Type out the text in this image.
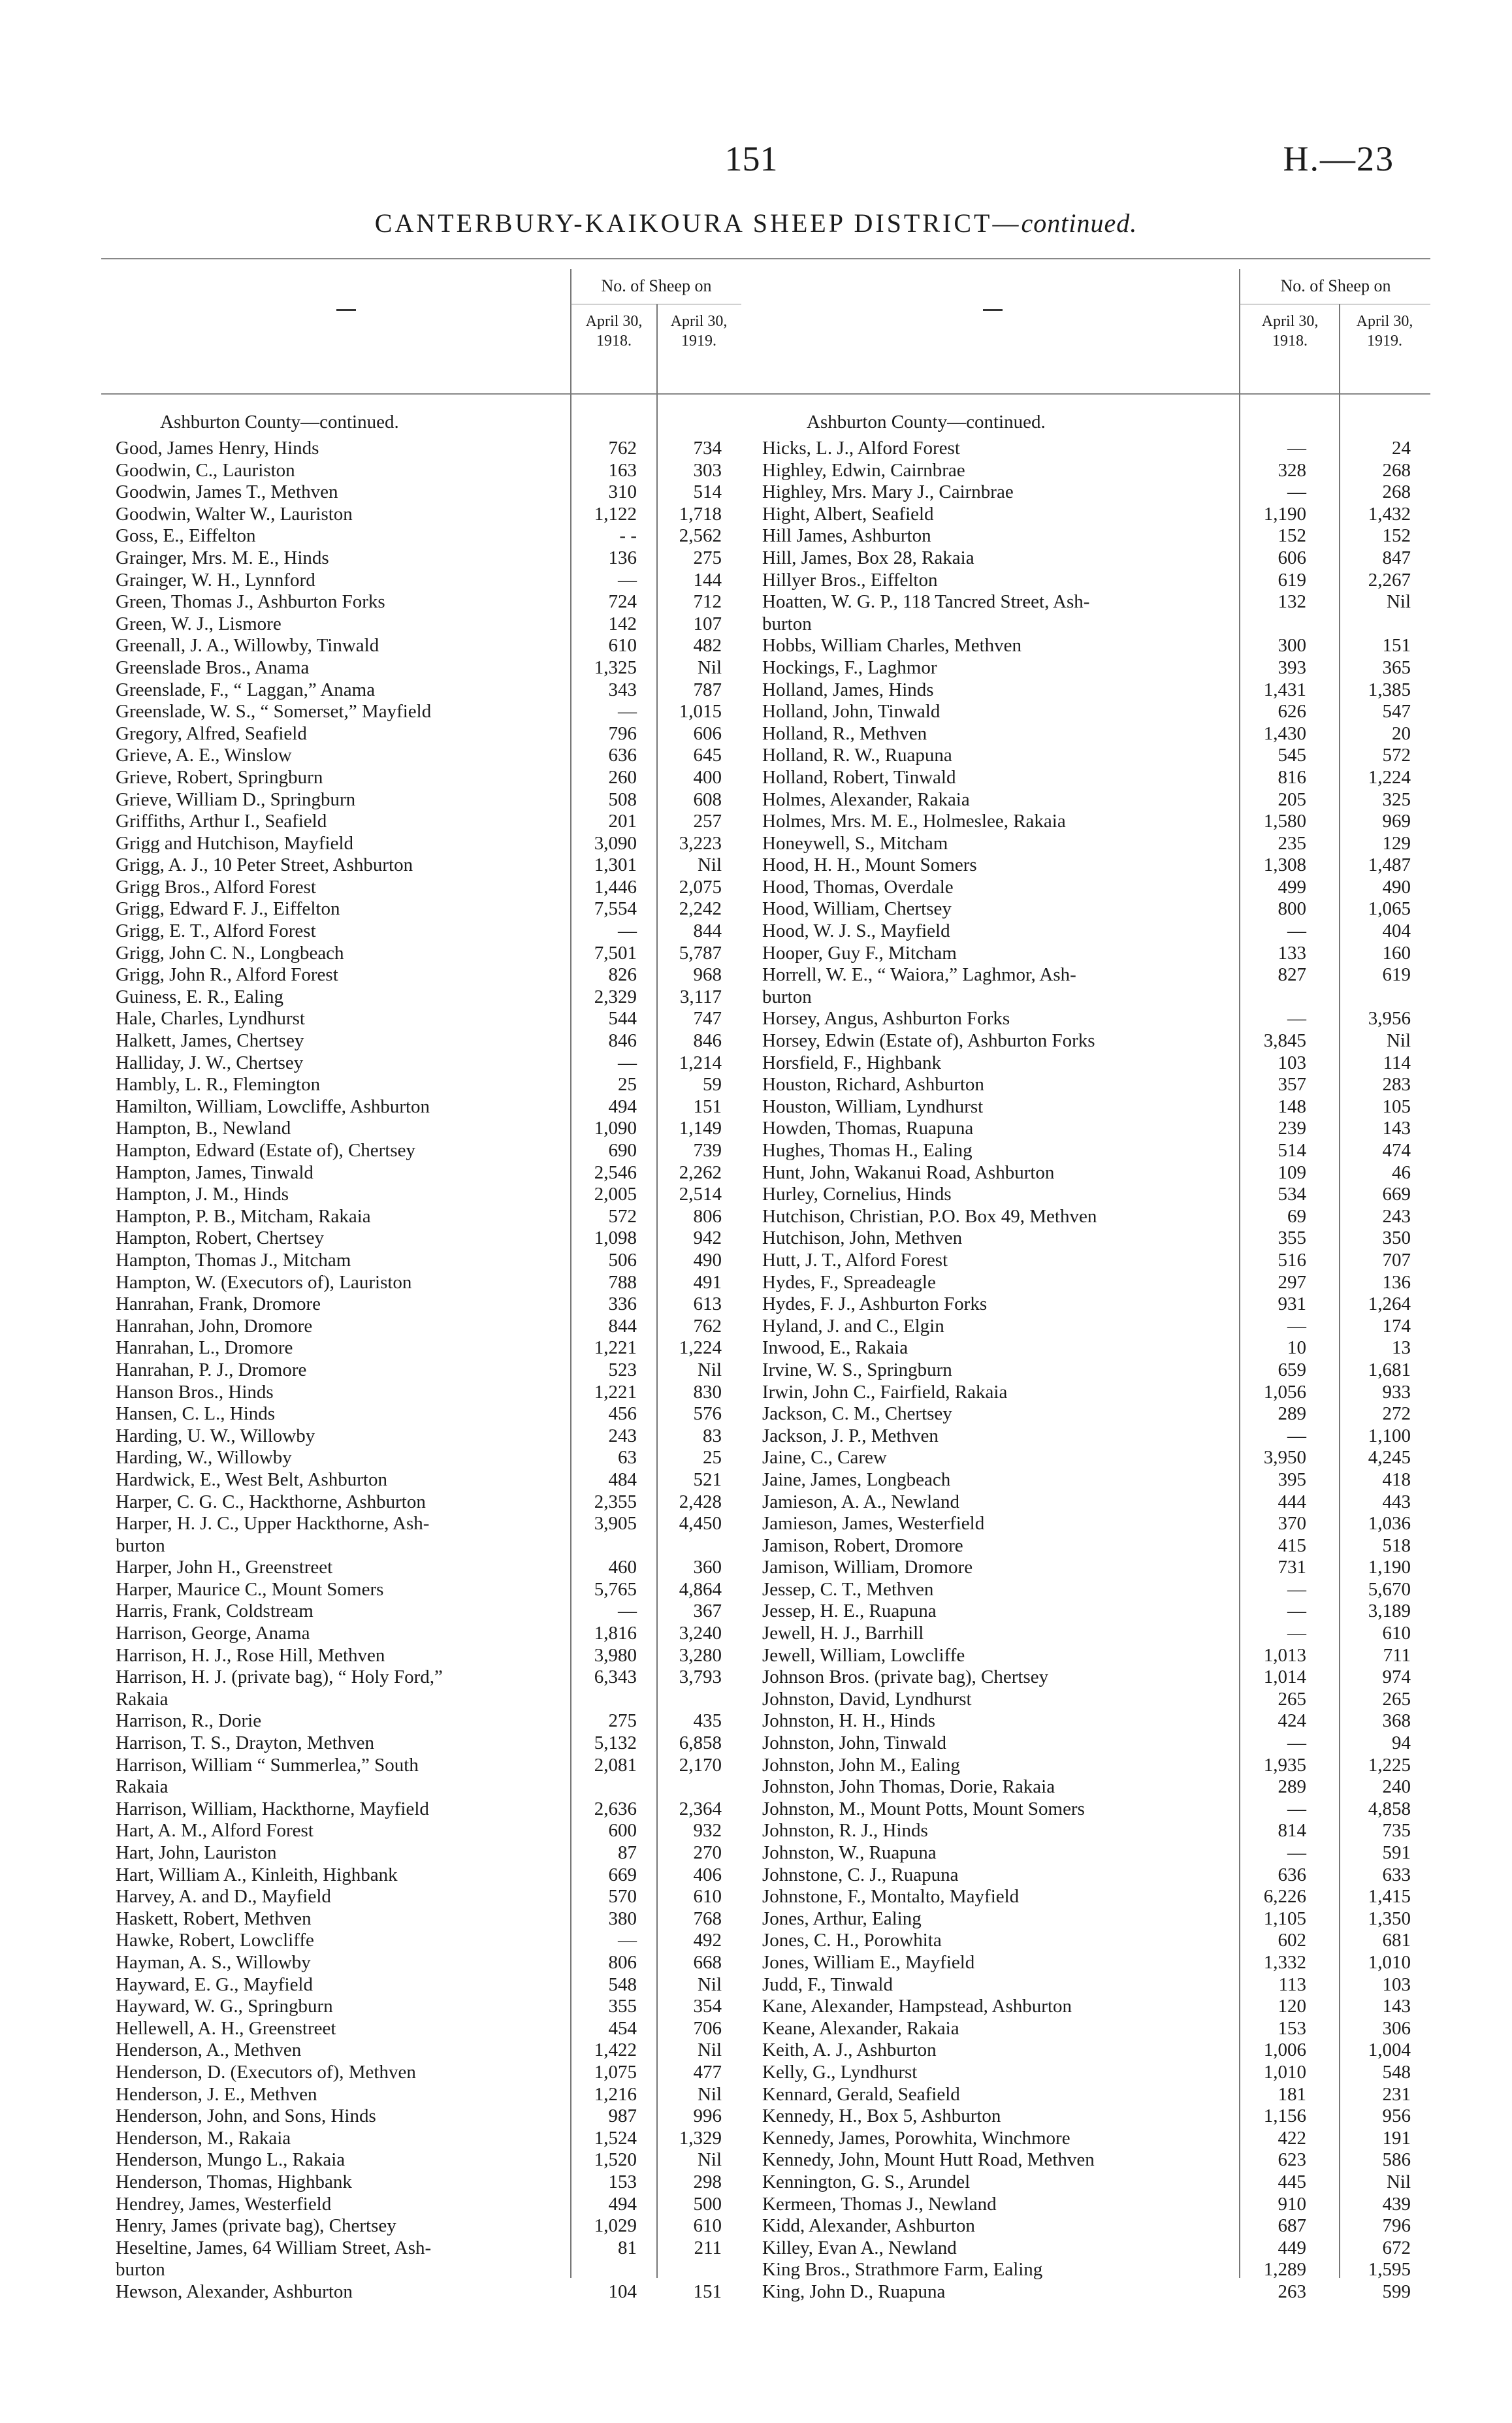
151	H.—23
CANTERBURY-KAIKOURA SHEEP DISTRICT—continued.
No. of Sheep on
April 30, 1918.
April 30, 1919.
Ashburton County—continued.
Good, James Henry, Hinds	762	734
Goodwin, C., Lauriston	163	303
Goodwin, James T., Methven	310	514
Goodwin, Walter W., Lauriston	1,122	1,718
Goss, E., Eiffelton	- -	2,562
Grainger, Mrs. M. E., Hinds	136	275
Grainger, W. H., Lynnford	—	144
Green, Thomas J., Ashburton Forks	724	712
Green, W. J., Lismore	142	107
Greenall, J. A., Willowby, Tinwald	610	482
Greenslade Bros., Anama	1,325	Nil
Greenslade, F., “ Laggan,” Anama	343	787
Greenslade, W. S., “ Somerset,” Mayfield	—	1,015
Gregory, Alfred, Seafield	796	606
Grieve, A. E., Winslow	636	645
Grieve, Robert, Springburn	260	400
Grieve, William D., Springburn	508	608
Griffiths, Arthur I., Seafield	201	257
Grigg and Hutchison, Mayfield	3,090	3,223
Grigg, A. J., 10 Peter Street, Ashburton	1,301	Nil
Grigg Bros., Alford Forest	1,446	2,075
Grigg, Edward F. J., Eiffelton	7,554	2,242
Grigg, E. T., Alford Forest	—	844
Grigg, John C. N., Longbeach	7,501	5,787
Grigg, John R., Alford Forest	826	968
Guiness, E. R., Ealing	2,329	3,117
Hale, Charles, Lyndhurst	544	747
Halkett, James, Chertsey	846	846
Halliday, J. W., Chertsey	—	1,214
Hambly, L. R., Flemington	25	59
Hamilton, William, Lowcliffe, Ashburton	494	151
Hampton, B., Newland	1,090	1,149
Hampton, Edward (Estate of), Chertsey	690	739
Hampton, James, Tinwald	2,546	2,262
Hampton, J. M., Hinds	2,005	2,514
Hampton, P. B., Mitcham, Rakaia	572	806
Hampton, Robert, Chertsey	1,098	942
Hampton, Thomas J., Mitcham	506	490
Hampton, W. (Executors of), Lauriston	788	491
Hanrahan, Frank, Dromore	336	613
Hanrahan, John, Dromore	844	762
Hanrahan, L., Dromore	1,221	1,224
Hanrahan, P. J., Dromore	523	Nil
Hanson Bros., Hinds	1,221	830
Hansen, C. L., Hinds	456	576
Harding, U. W., Willowby	243	83
Harding, W., Willowby	63	25
Hardwick, E., West Belt, Ashburton	484	521
Harper, C. G. C., Hackthorne, Ashburton	2,355	2,428
Harper, H. J. C., Upper Hackthorne, Ash-	3,905	4,450
burton
Harper, John H., Greenstreet	460	360
Harper, Maurice C., Mount Somers	5,765	4,864
Harris, Frank, Coldstream	—	367
Harrison, George, Anama	1,816	3,240
Harrison, H. J., Rose Hill, Methven	3,980	3,280
Harrison, H. J. (private bag), “ Holy Ford,”	6,343	3,793
Rakaia
Harrison, R., Dorie	275	435
Harrison, T. S., Drayton, Methven	5,132	6,858
Harrison, William “ Summerlea,” South	2,081	2,170
Rakaia
Harrison, William, Hackthorne, Mayfield	2,636	2,364
Hart, A. M., Alford Forest	600	932
Hart, John, Lauriston	87	270
Hart, William A., Kinleith, Highbank	669	406
Harvey, A. and D., Mayfield	570	610
Haskett, Robert, Methven	380	768
Hawke, Robert, Lowcliffe	—	492
Hayman, A. S., Willowby	806	668
Hayward, E. G., Mayfield	548	Nil
Hayward, W. G., Springburn	355	354
Hellewell, A. H., Greenstreet	454	706
Henderson, A., Methven	1,422	Nil
Henderson, D. (Executors of), Methven	1,075	477
Henderson, J. E., Methven	1,216	Nil
Henderson, John, and Sons, Hinds	987	996
Henderson, M., Rakaia	1,524	1,329
Henderson, Mungo L., Rakaia	1,520	Nil
Henderson, Thomas, Highbank	153	298
Hendrey, James, Westerfield	494	500
Henry, James (private bag), Chertsey	1,029	610
Heseltine, James, 64 William Street, Ash-	81	211
burton
Hewson, Alexander, Ashburton	104	151
No. of Sheep on
April 30, 1918.
April 30, 1919.
Ashburton County—continued.
Hicks, L. J., Alford Forest	—	24
Highley, Edwin, Cairnbrae	328	268
Highley, Mrs. Mary J., Cairnbrae	—	268
Hight, Albert, Seafield	1,190	1,432
Hill James, Ashburton	152	152
Hill, James, Box 28, Rakaia	606	847
Hillyer Bros., Eiffelton	619	2,267
Hoatten, W. G. P., 118 Tancred Street, Ash-	132	Nil
burton
Hobbs, William Charles, Methven	300	151
Hockings, F., Laghmor	393	365
Holland, James, Hinds	1,431	1,385
Holland, John, Tinwald	626	547
Holland, R., Methven	1,430	20
Holland, R. W., Ruapuna	545	572
Holland, Robert, Tinwald	816	1,224
Holmes, Alexander, Rakaia	205	325
Holmes, Mrs. M. E., Holmeslee, Rakaia	1,580	969
Honeywell, S., Mitcham	235	129
Hood, H. H., Mount Somers	1,308	1,487
Hood, Thomas, Overdale	499	490
Hood, William, Chertsey	800	1,065
Hood, W. J. S., Mayfield	—	404
Hooper, Guy F., Mitcham	133	160
Horrell, W. E., “ Waiora,” Laghmor, Ash-	827	619
burton
Horsey, Angus, Ashburton Forks	—	3,956
Horsey, Edwin (Estate of), Ashburton Forks	3,845	Nil
Horsfield, F., Highbank	103	114
Houston, Richard, Ashburton	357	283
Houston, William, Lyndhurst	148	105
Howden, Thomas, Ruapuna	239	143
Hughes, Thomas H., Ealing	514	474
Hunt, John, Wakanui Road, Ashburton	109	46
Hurley, Cornelius, Hinds	534	669
Hutchison, Christian, P.O. Box 49, Methven	69	243
Hutchison, John, Methven	355	350
Hutt, J. T., Alford Forest	516	707
Hydes, F., Spreadeagle	297	136
Hydes, F. J., Ashburton Forks	931	1,264
Hyland, J. and C., Elgin	—	174
Inwood, E., Rakaia	10	13
Irvine, W. S., Springburn	659	1,681
Irwin, John C., Fairfield, Rakaia	1,056	933
Jackson, C. M., Chertsey	289	272
Jackson, J. P., Methven	—	1,100
Jaine, C., Carew	3,950	4,245
Jaine, James, Longbeach	395	418
Jamieson, A. A., Newland	444	443
Jamieson, James, Westerfield	370	1,036
Jamison, Robert, Dromore	415	518
Jamison, William, Dromore	731	1,190
Jessep, C. T., Methven	—	5,670
Jessep, H. E., Ruapuna	—	3,189
Jewell, H. J., Barrhill	—	610
Jewell, William, Lowcliffe	1,013	711
Johnson Bros. (private bag), Chertsey	1,014	974
Johnston, David, Lyndhurst	265	265
Johnston, H. H., Hinds	424	368
Johnston, John, Tinwald	—	94
Johnston, John M., Ealing	1,935	1,225
Johnston, John Thomas, Dorie, Rakaia	289	240
Johnston, M., Mount Potts, Mount Somers	—	4,858
Johnston, R. J., Hinds	814	735
Johnston, W., Ruapuna	—	591
Johnstone, C. J., Ruapuna	636	633
Johnstone, F., Montalto, Mayfield	6,226	1,415
Jones, Arthur, Ealing	1,105	1,350
Jones, C. H., Porowhita	602	681
Jones, William E., Mayfield	1,332	1,010
Judd, F., Tinwald	113	103
Kane, Alexander, Hampstead, Ashburton	120	143
Keane, Alexander, Rakaia	153	306
Keith, A. J., Ashburton	1,006	1,004
Kelly, G., Lyndhurst	1,010	548
Kennard, Gerald, Seafield	181	231
Kennedy, H., Box 5, Ashburton	1,156	956
Kennedy, James, Porowhita, Winchmore	422	191
Kennedy, John, Mount Hutt Road, Methven	623	586
Kennington, G. S., Arundel	445	Nil
Kermeen, Thomas J., Newland	910	439
Kidd, Alexander, Ashburton	687	796
Killey, Evan A., Newland	449	672
King Bros., Strathmore Farm, Ealing	1,289	1,595
King, John D., Ruapuna	263	599
